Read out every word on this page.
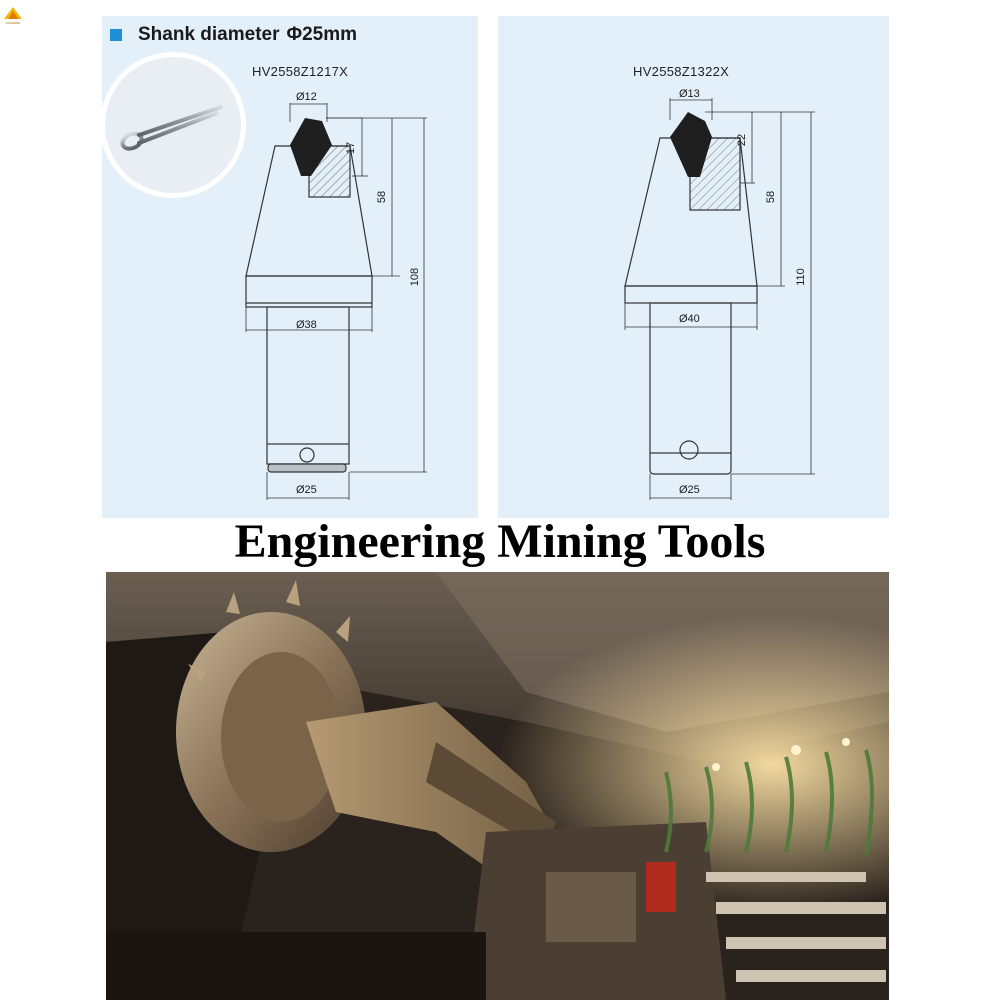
HUAFENG
Shank diameter Φ25mm
HV2558Z1217X	HV2558Z1322X
Ø12
17
58
108
Ø38
Ø25
Ø13
22
58
110
Ø40
Ø25
Engineering Mining Tools
